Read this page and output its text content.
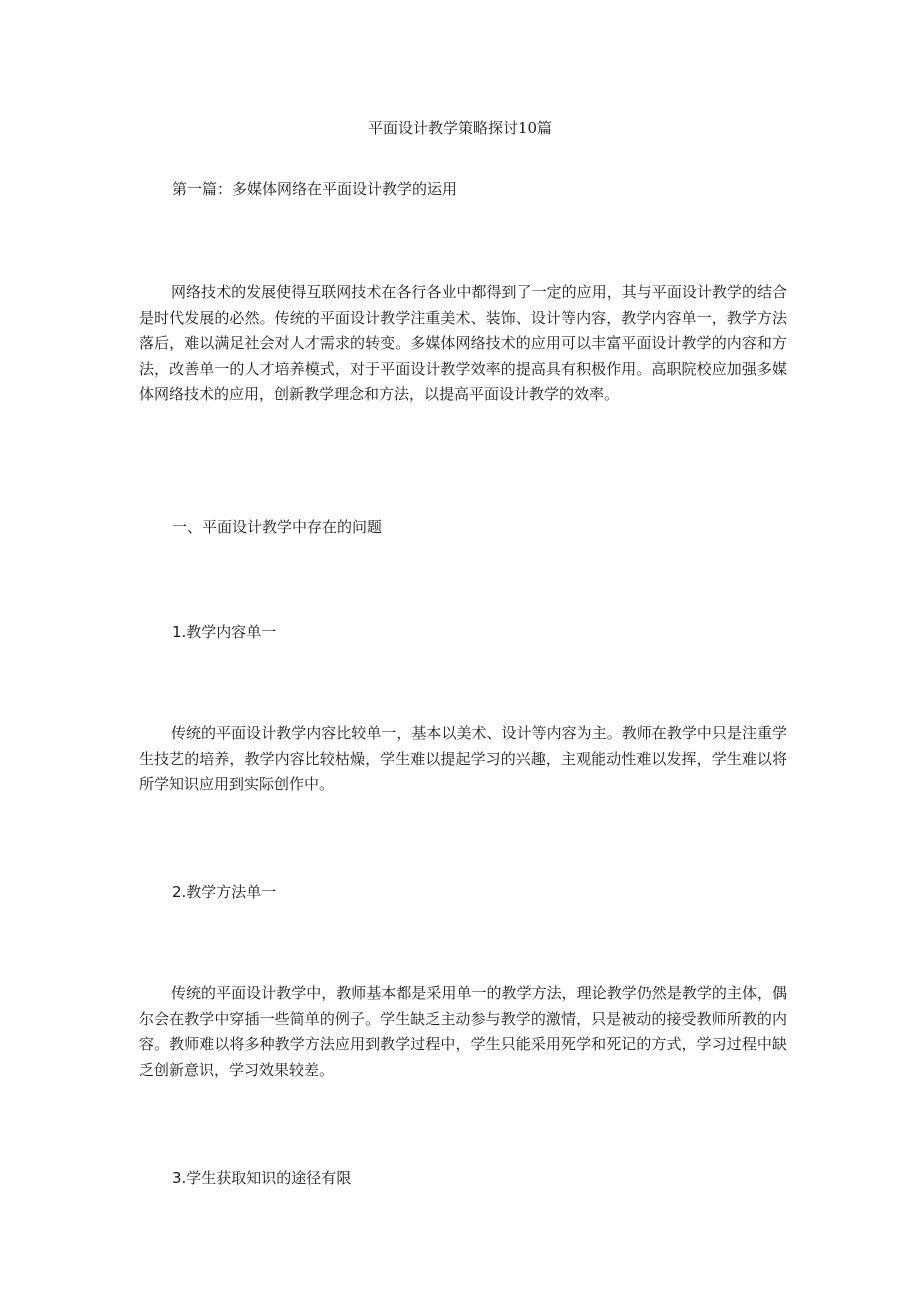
平面设计教学策略探讨10篇
第一篇：多媒体网络在平面设计教学的运用
网络技术的发展使得互联网技术在各行各业中都得到了一定的应用，其与平面设计教学的结合是时代发展的必然。传统的平面设计教学注重美术、装饰、设计等内容，教学内容单一，教学方法落后，难以满足社会对人才需求的转变。多媒体网络技术的应用可以丰富平面设计教学的内容和方法，改善单一的人才培养模式，对于平面设计教学效率的提高具有积极作用。高职院校应加强多媒体网络技术的应用，创新教学理念和方法，以提高平面设计教学的效率。
一、平面设计教学中存在的问题
1.教学内容单一
传统的平面设计教学内容比较单一，基本以美术、设计等内容为主。教师在教学中只是注重学生技艺的培养，教学内容比较枯燥，学生难以提起学习的兴趣，主观能动性难以发挥，学生难以将所学知识应用到实际创作中。
2.教学方法单一
传统的平面设计教学中，教师基本都是采用单一的教学方法，理论教学仍然是教学的主体，偶尔会在教学中穿插一些简单的例子。学生缺乏主动参与教学的激情，只是被动的接受教师所教的内容。教师难以将多种教学方法应用到教学过程中，学生只能采用死学和死记的方式，学习过程中缺乏创新意识，学习效果较差。
3.学生获取知识的途径有限
